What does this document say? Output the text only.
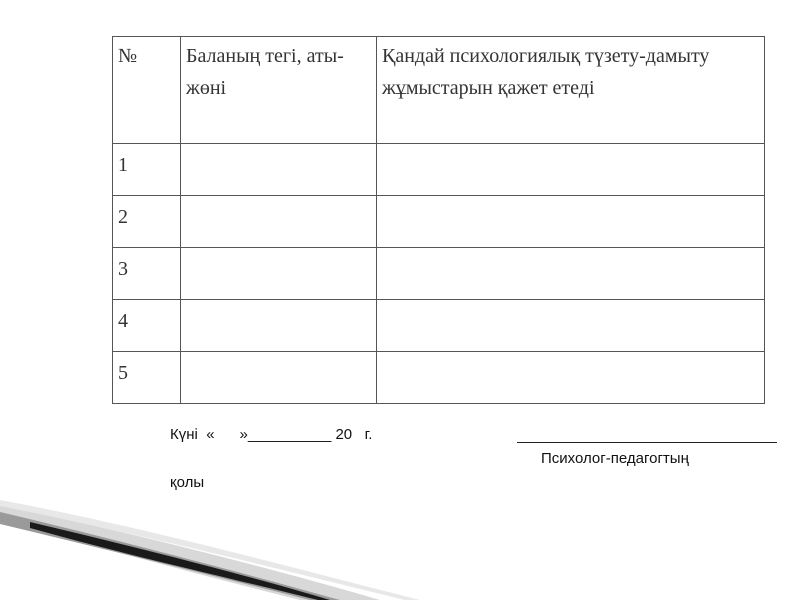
№	Баланың тегі, аты-жөні	Қандай психологиялық түзету-дамыту жұмыстарын қажет етеді
1		
2		
3		
4		
5		
Күні  «      »__________ 20   г.
Психолог-педагогтың
қолы
